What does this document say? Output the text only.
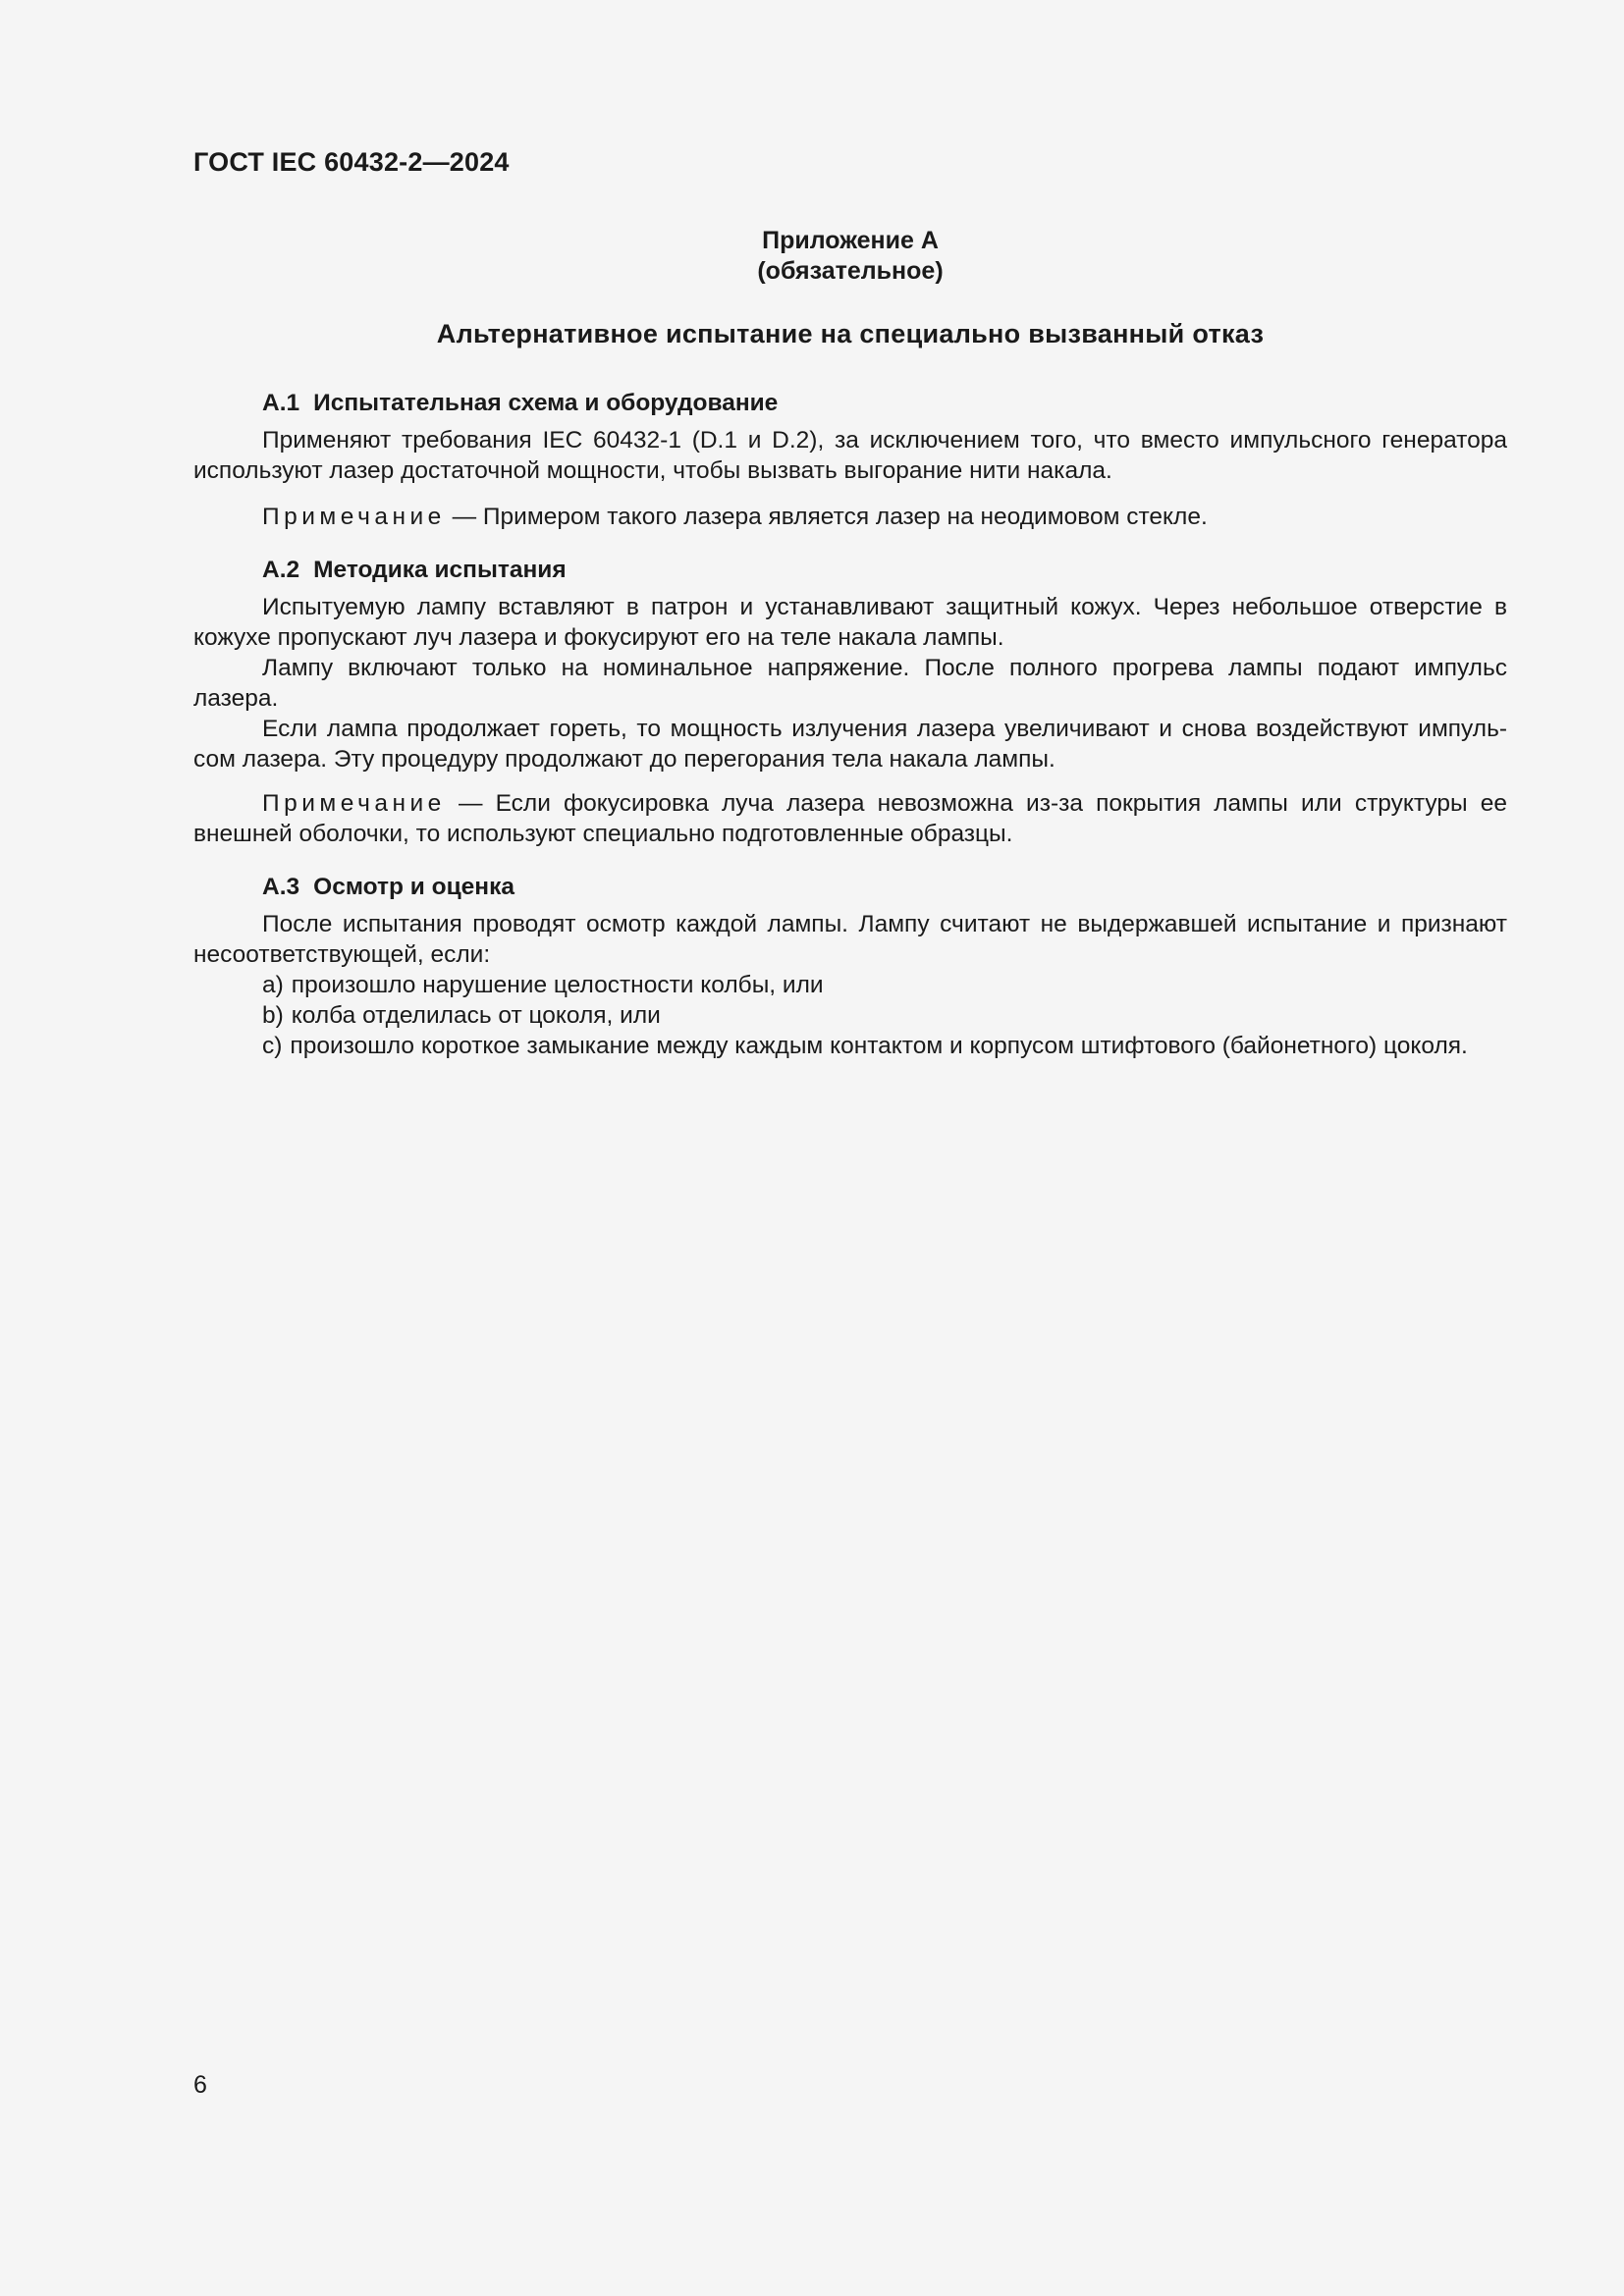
ГОСТ IEC 60432-2—2024
Приложение А
(обязательное)
Альтернативное испытание на специально вызванный отказ
А.1 Испытательная схема и оборудование

Применяют требования IEC 60432-1 (D.1 и D.2), за исключением того, что вместо импульсного генератора используют лазер достаточной мощности, чтобы вызвать выгорание нити накала.

Примечание — Примером такого лазера является лазер на неодимовом стекле.

А.2 Методика испытания

Испытуемую лампу вставляют в патрон и устанавливают защитный кожух. Через небольшое отверстие в кожухе пропускают луч лазера и фокусируют его на теле накала лампы.

Лампу включают только на номинальное напряжение. После полного прогрева лампы подают импульс лазера.

Если лампа продолжает гореть, то мощность излучения лазера увеличивают и снова воздействуют импуль-сом лазера. Эту процедуру продолжают до перегорания тела накала лампы.

Примечание — Если фокусировка луча лазера невозможна из-за покрытия лампы или структуры ее внешней оболочки, то используют специально подготовленные образцы.

А.3 Осмотр и оценка

После испытания проводят осмотр каждой лампы. Лампу считают не выдержавшей испытание и признают несоответствующей, если:

a) произошло нарушение целостности колбы, или

b) колба отделилась от цоколя, или

c) произошло короткое замыкание между каждым контактом и корпусом штифтового (байонетного) цоколя.

6
